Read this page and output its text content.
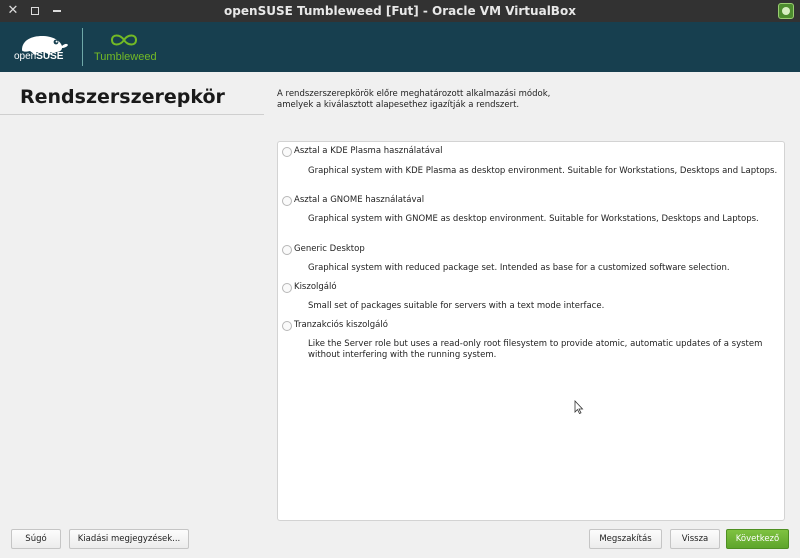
✕	openSUSE Tumbleweed [Fut] - Oracle VM VirtualBox
openSUSE	Tumbleweed
Rendszerszerepkör	A rendszerszerepkörök előre meghatározott alkalmazási módok,
amelyek a kiválasztott alapesethez igazítják a rendszert.
Asztal a KDE Plasma használatával
Graphical system with KDE Plasma as desktop environment. Suitable for Workstations, Desktops and Laptops.
Asztal a GNOME használatával
Graphical system with GNOME as desktop environment. Suitable for Workstations, Desktops and Laptops.
Generic Desktop
Graphical system with reduced package set. Intended as base for a customized software selection.
Kiszolgáló
Small set of packages suitable for servers with a text mode interface.
Tranzakciós kiszolgáló
Like the Server role but uses a read-only root filesystem to provide atomic, automatic updates of a system without interfering with the running system.
Súgó	Kiadási megjegyzések...	Megszakítás	Vissza	Következő
